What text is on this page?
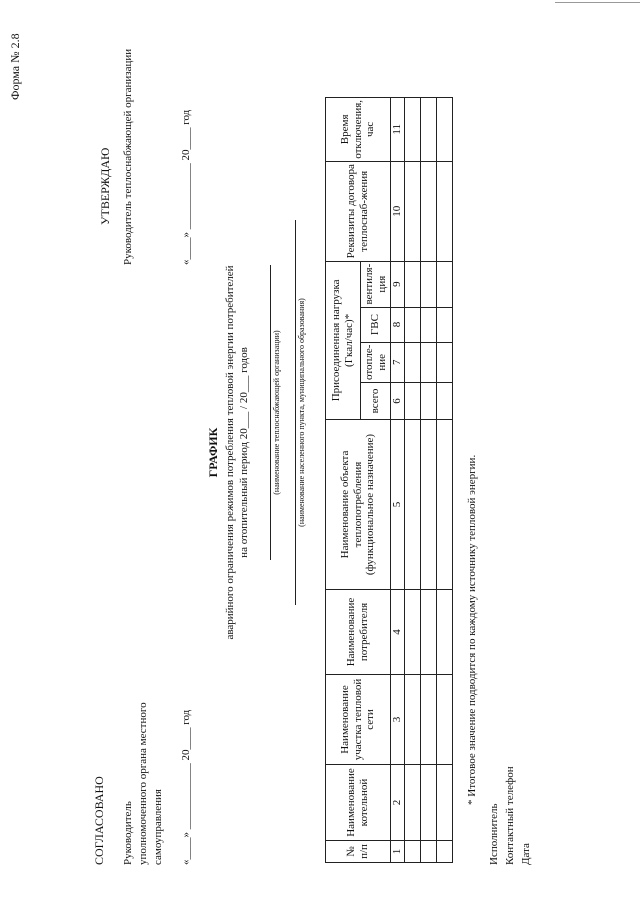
Форма № 2.8
СОГЛАСОВАНО Руководитель уполномоченного органа местного самоуправления «____» ____________ 20____ год
УТВЕРЖДАЮ Руководитель теплоснабжающей организации	«____» ____________ 20____ год
ГРАФИК аварийного ограничения режимов потребления тепловой энергии потребителей на отопительный период 20___ / 20___ годов	(наименование теплоснабжающей организации) (наименование населенного пункта, муниципального образования)
№ п/п	Наименование котельной	Наименование участка тепловой сети	Наименование потребителя	Наименование объекта теплопотребления (функциональное назначение)	Присоединенная нагрузка (Гкал/час)*				Реквизиты договора теплоснаб-жения	Время отключения, час
					всего	отопле-ние	ГВС	вентиля-ция		
1	2	3	4	5	6	7	8	9	10	11

* Итоговое значение подводится по каждому источнику тепловой энергии.
Исполнитель Контактный телефон Дата
